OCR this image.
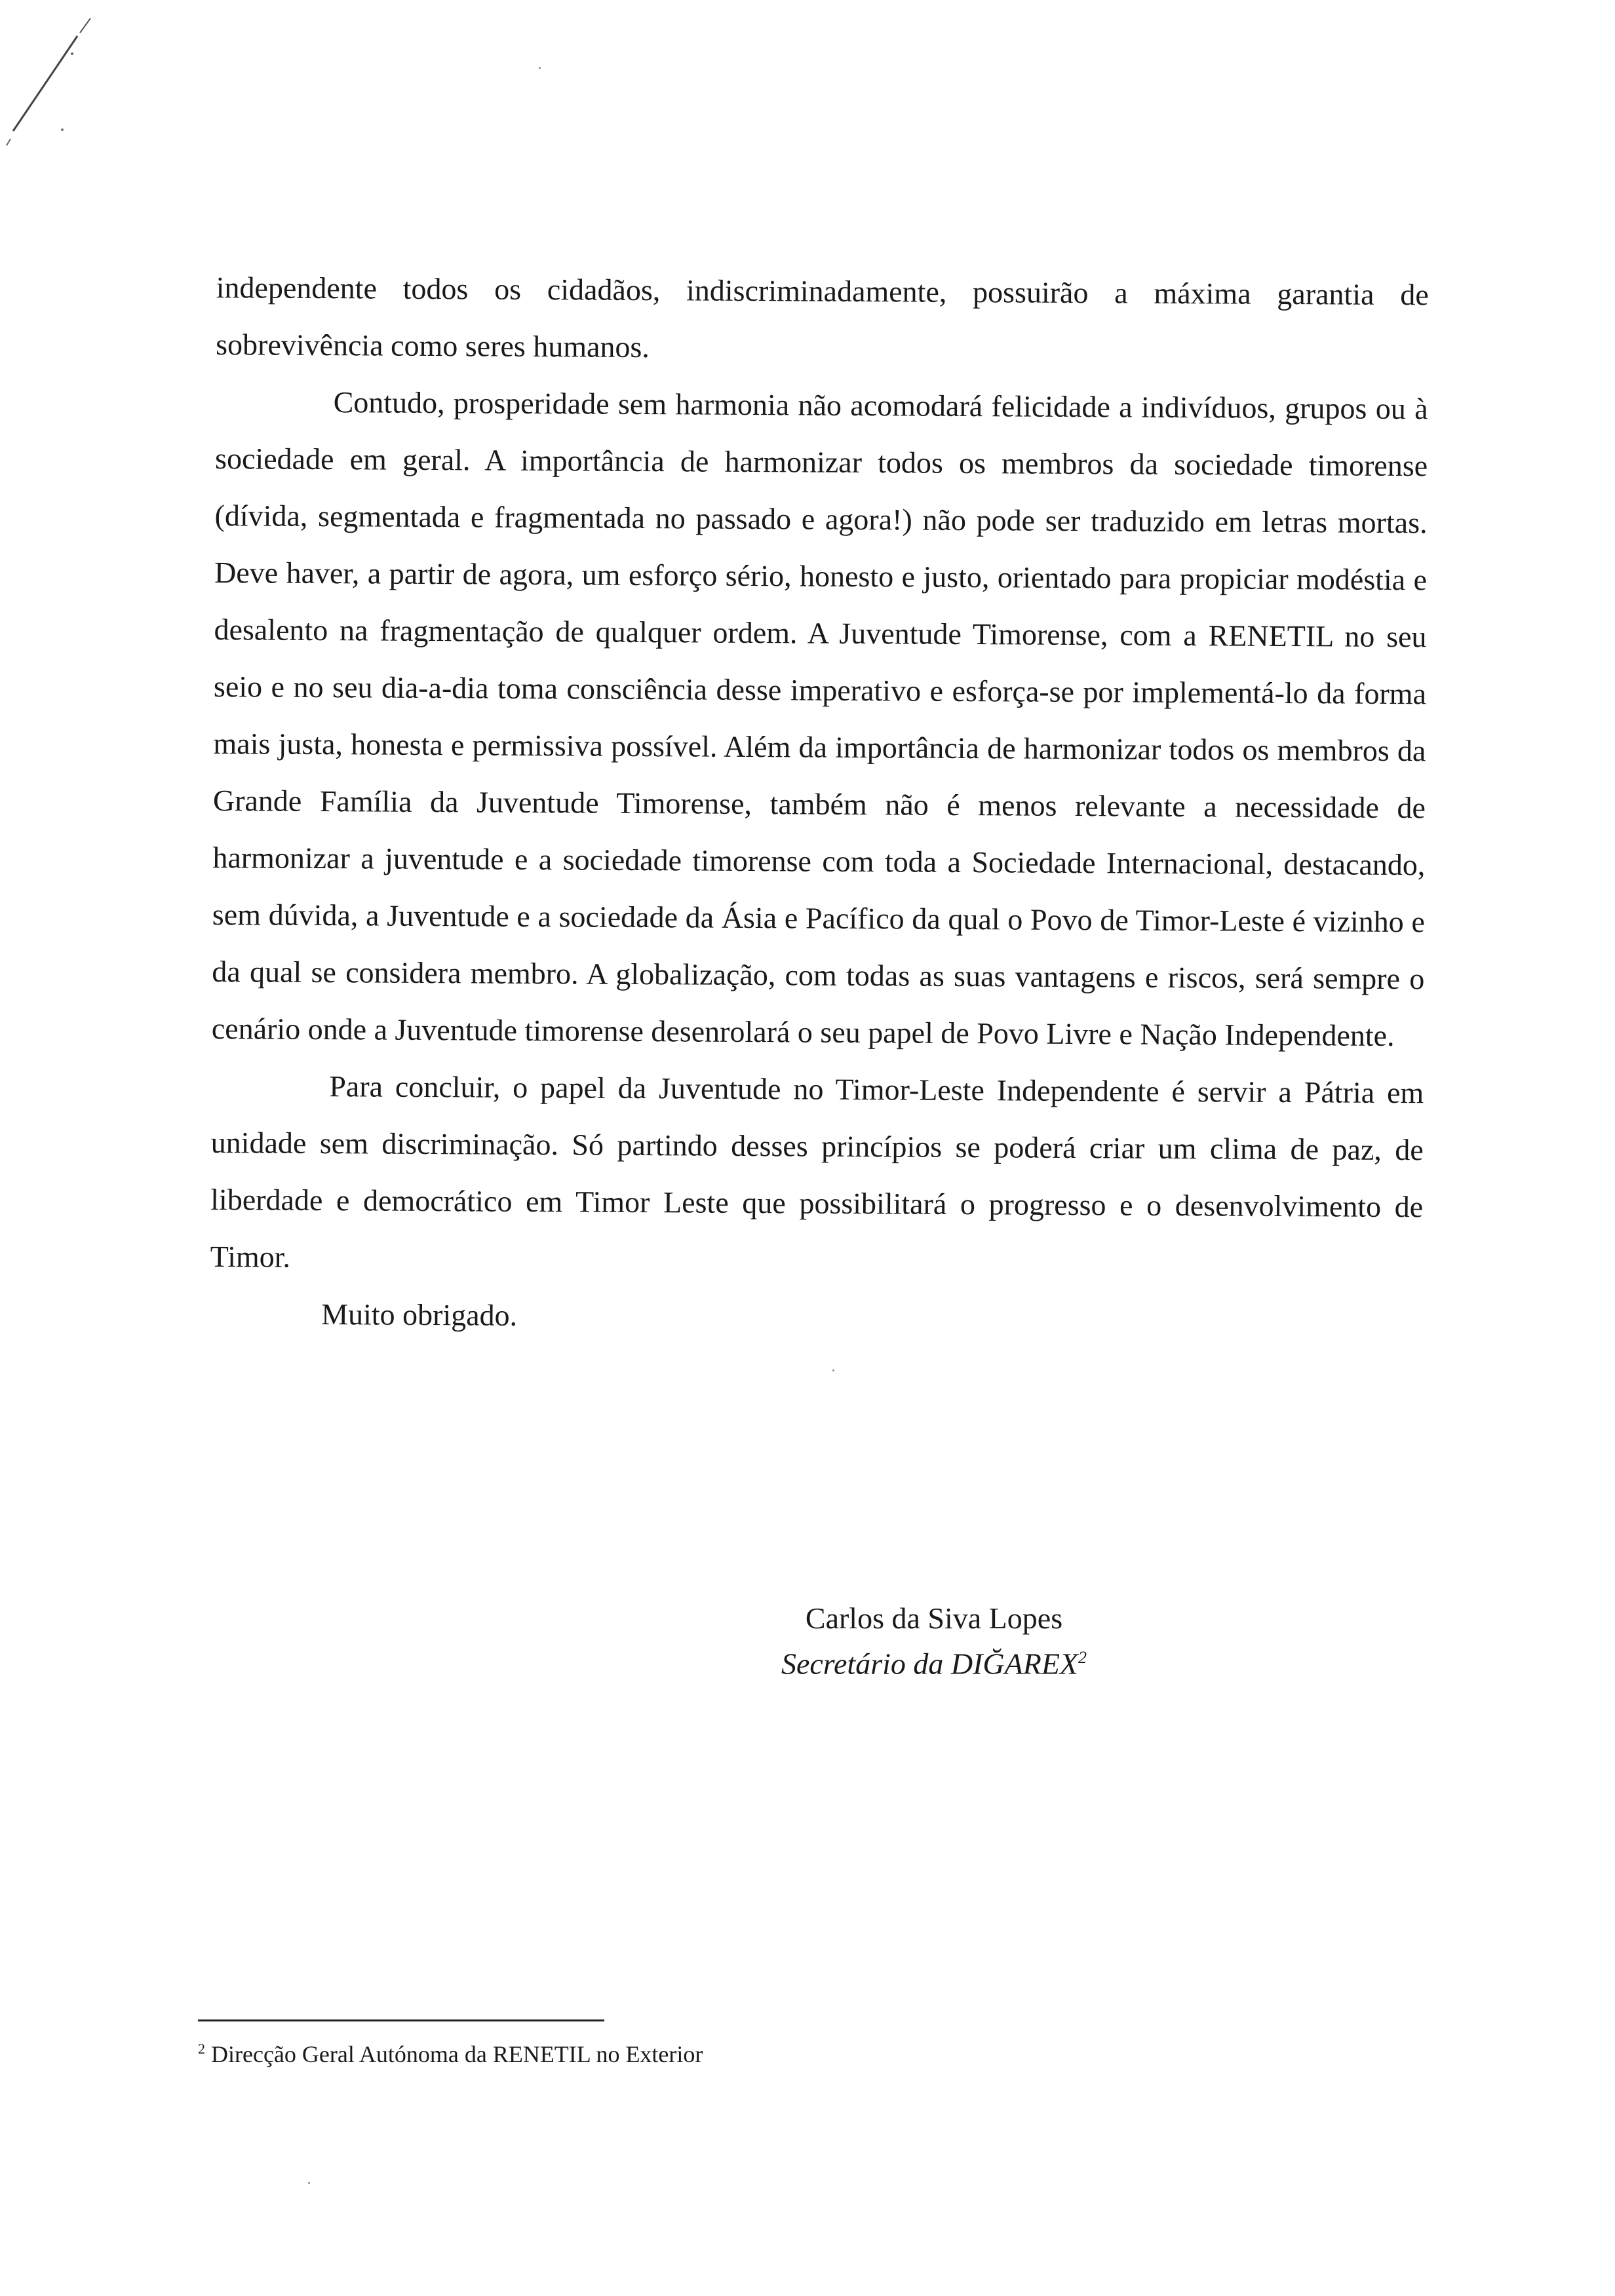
independente todos os cidadãos, indiscriminadamente, possuirão a máxima garantia de sobrevivência como seres humanos.

Contudo, prosperidade sem harmonia não acomodará felicidade a indivíduos, grupos ou à sociedade em geral. A importância de harmonizar todos os membros da sociedade timorense (dívida, segmentada e fragmentada no passado e agora!) não pode ser traduzido em letras mortas. Deve haver, a partir de agora, um esforço sério, honesto e justo, orientado para propiciar modéstia e desalento na fragmentação de qualquer ordem. A Juventude Timorense, com a RENETIL no seu seio e no seu dia-a-dia toma consciência desse imperativo e esforça-se por implementá-lo da forma mais justa, honesta e permissiva possível. Além da importância de harmonizar todos os membros da Grande Família da Juventude Timorense, também não é menos relevante a necessidade de harmonizar a juventude e a sociedade timorense com toda a Sociedade Internacional, destacando, sem dúvida, a Juventude e a sociedade da Ásia e Pacífico da qual o Povo de Timor-Leste é vizinho e da qual se considera membro. A globalização, com todas as suas vantagens e riscos, será sempre o cenário onde a Juventude timorense desenrolará o seu papel de Povo Livre e Nação Independente.

Para concluir, o papel da Juventude no Timor-Leste Independente é servir a Pátria em unidade sem discriminação. Só partindo desses princípios se poderá criar um clima de paz, de liberdade e democrático em Timor Leste que possibilitará o progresso e o desenvolvimento de Timor.

Muito obrigado.

Carlos da Siva Lopes
Secretário da DIĞAREX$^2$
$^2$ Direcção Geral Autónoma da RENETIL no Exterior
